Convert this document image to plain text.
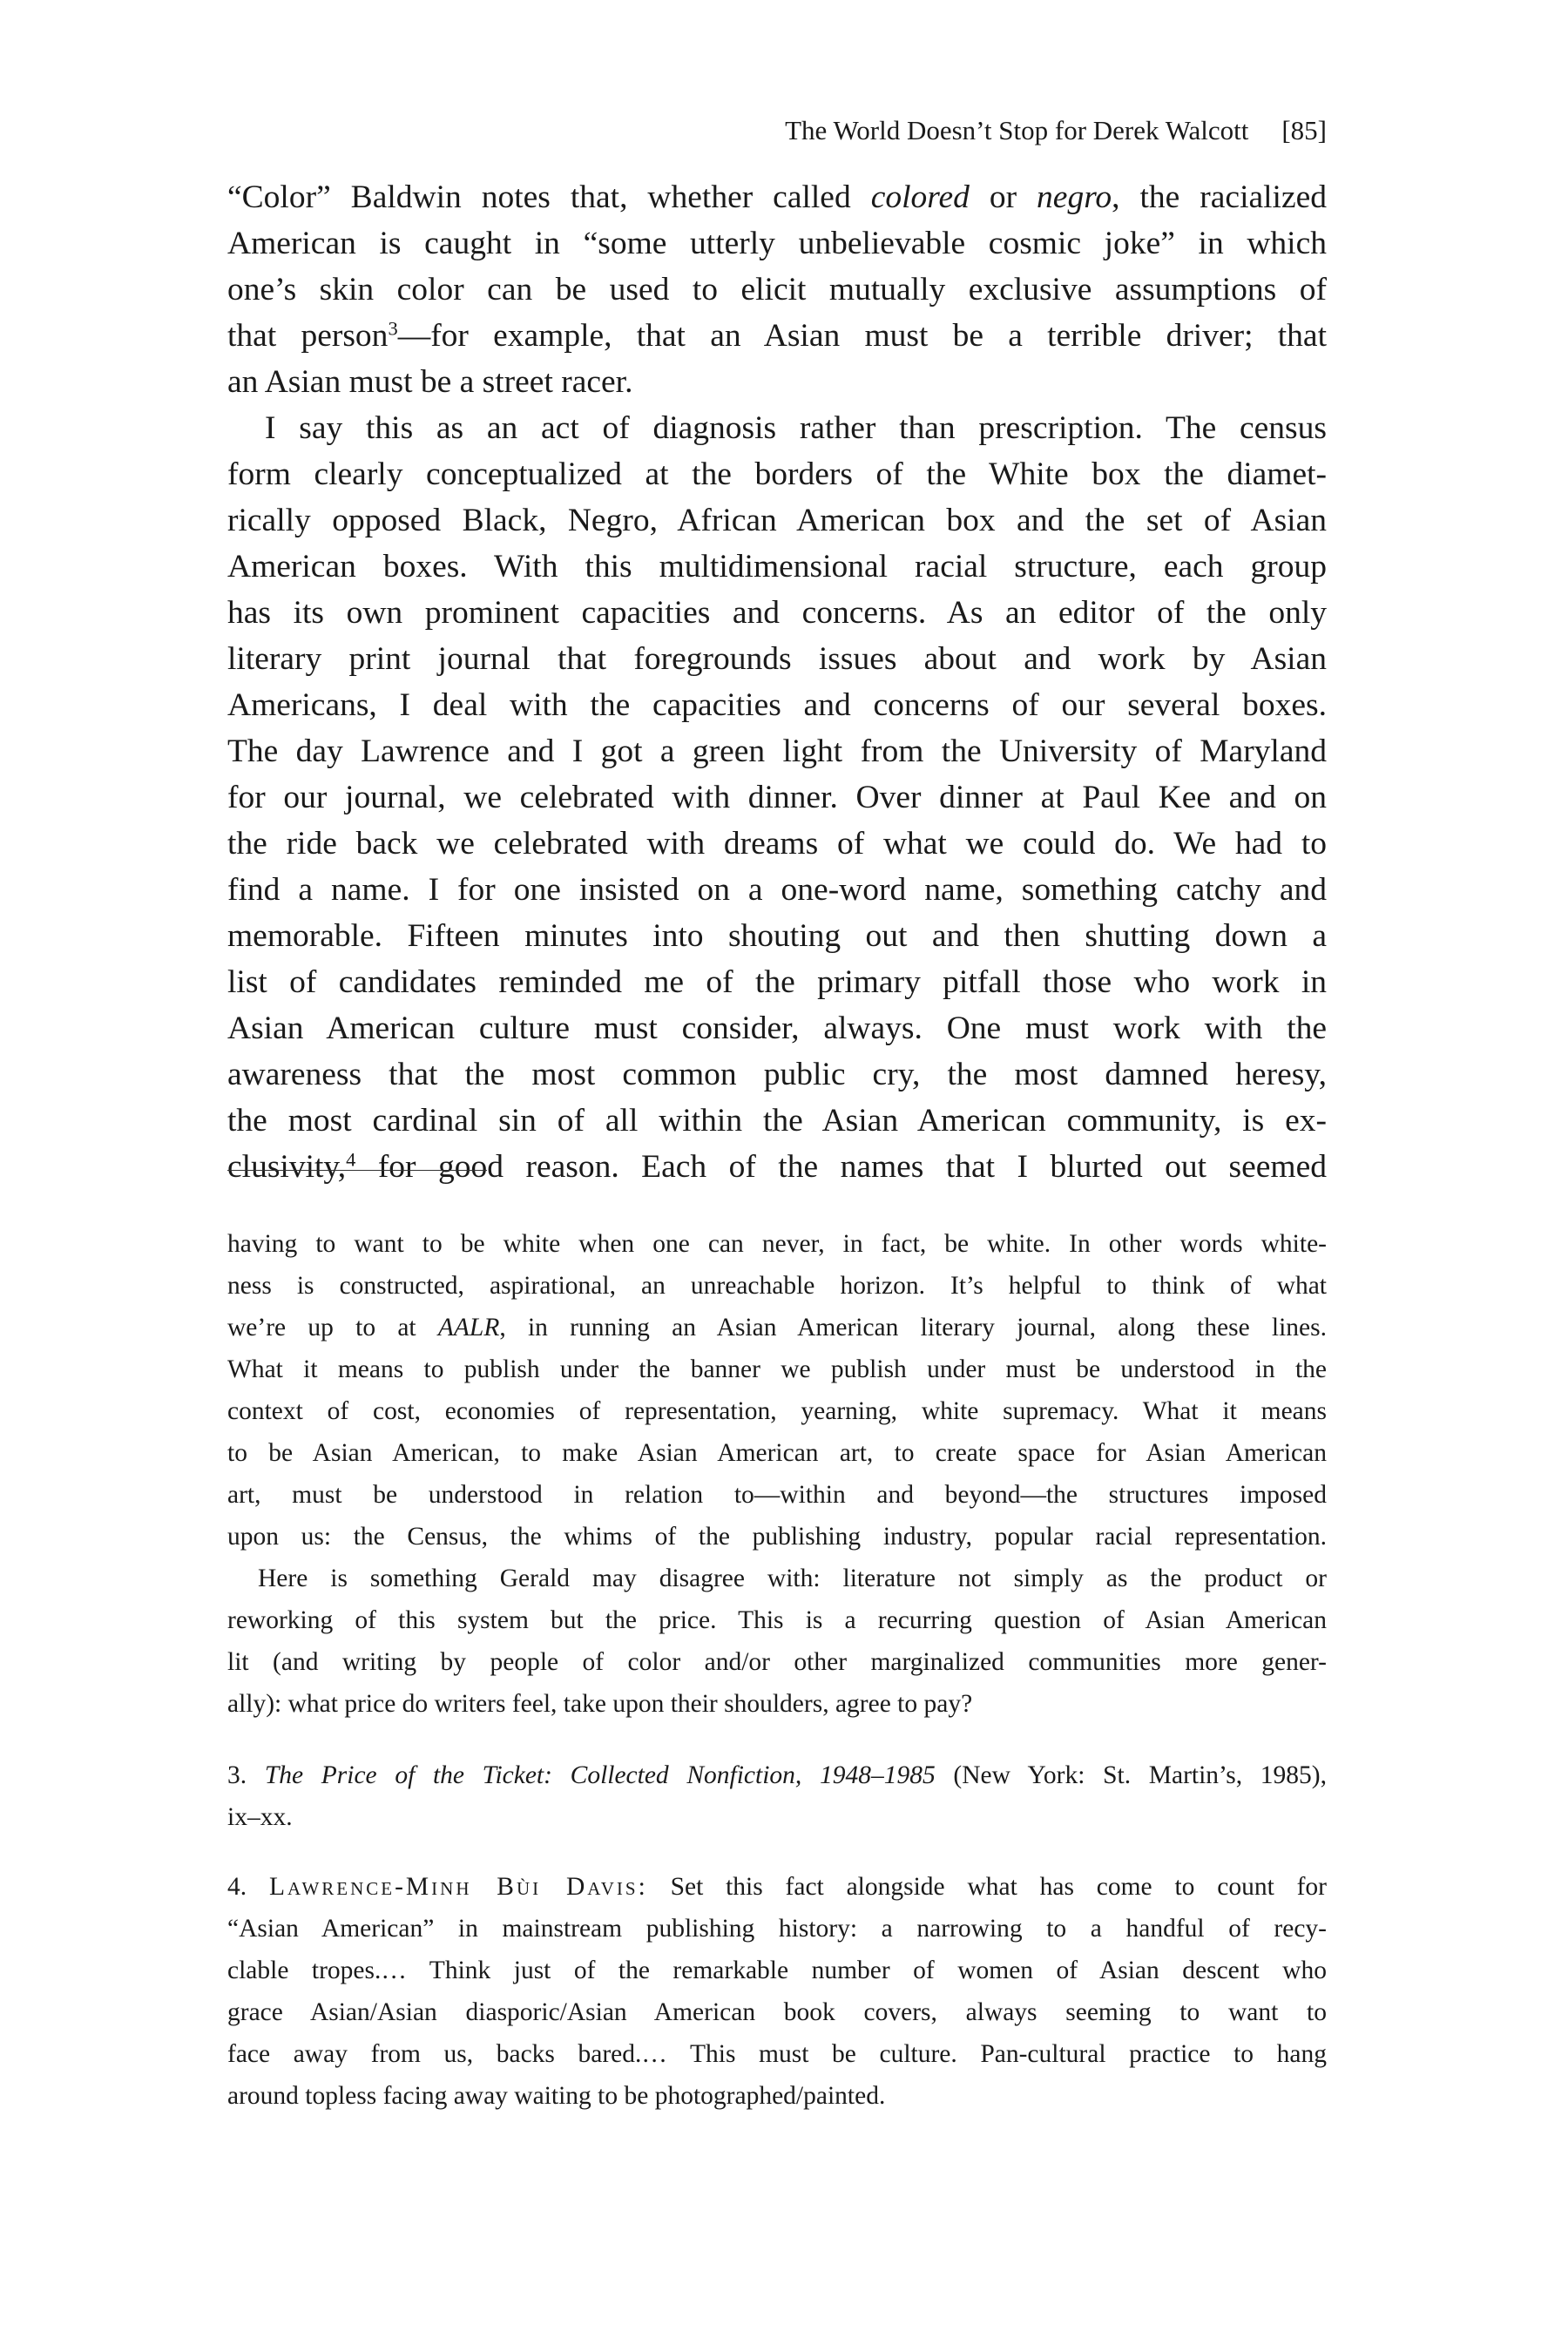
The World Doesn’t Stop for Derek Walcott [85]
“Color” Baldwin notes that, whether called colored or negro, the racialized
American is caught in “some utterly unbelievable cosmic joke” in which
one’s skin color can be used to elicit mutually exclusive assumptions of
that person$^3$—for example, that an Asian must be a terrible driver; that
an Asian must be a street racer.
I say this as an act of diagnosis rather than prescription. The census
form clearly conceptualized at the borders of the White box the diamet-
rically opposed Black, Negro, African American box and the set of Asian
American boxes. With this multidimensional racial structure, each group
has its own prominent capacities and concerns. As an editor of the only
literary print journal that foregrounds issues about and work by Asian
Americans, I deal with the capacities and concerns of our several boxes.
The day Lawrence and I got a green light from the University of Maryland
for our journal, we celebrated with dinner. Over dinner at Paul Kee and on
the ride back we celebrated with dreams of what we could do. We had to
find a name. I for one insisted on a one-word name, something catchy and
memorable. Fifteen minutes into shouting out and then shutting down a
list of candidates reminded me of the primary pitfall those who work in
Asian American culture must consider, always. One must work with the
awareness that the most common public cry, the most damned heresy,
the most cardinal sin of all within the Asian American community, is ex-
clusivity,$^4$ for good reason. Each of the names that I blurted out seemed
having to want to be white when one can never, in fact, be white. In other words white-
ness is constructed, aspirational, an unreachable horizon. It’s helpful to think of what
we’re up to at AALR, in running an Asian American literary journal, along these lines.
What it means to publish under the banner we publish under must be understood in the
context of cost, economies of representation, yearning, white supremacy. What it means
to be Asian American, to make Asian American art, to create space for Asian American
art, must be understood in relation to—within and beyond—the structures imposed
upon us: the Census, the whims of the publishing industry, popular racial representation.
Here is something Gerald may disagree with: literature not simply as the product or
reworking of this system but the price. This is a recurring question of Asian American
lit (and writing by people of color and/or other marginalized communities more gener-
ally): what price do writers feel, take upon their shoulders, agree to pay?
3. The Price of the Ticket: Collected Nonfiction, 1948–1985 (New York: St. Martin’s, 1985),
ix–xx.
4. Lawrence-Minh Bùi Davis: Set this fact alongside what has come to count for
“Asian American” in mainstream publishing history: a narrowing to a handful of recy-
clable tropes.… Think just of the remarkable number of women of Asian descent who
grace Asian/Asian diasporic/Asian American book covers, always seeming to want to
face away from us, backs bared.… This must be culture. Pan-cultural practice to hang
around topless facing away waiting to be photographed/painted.
